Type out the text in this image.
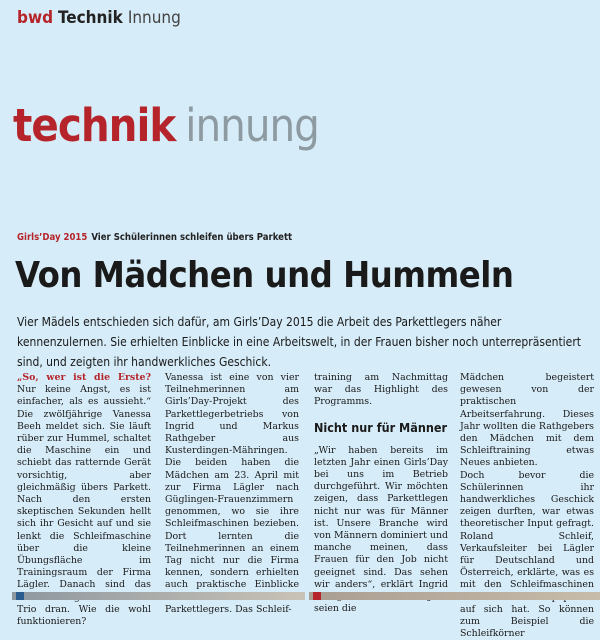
bwd Technik Innung
technik innung
Girls’Day 2015 Vier Schülerinnen schleifen übers Parkett
Von Mädchen und Hummeln
Vier Mädels entschieden sich dafür, am Girls’Day 2015 die Arbeit des Parkettlegers näher kennenzulernen. Sie erhielten Einblicke in eine Arbeitswelt, in der Frauen bisher noch unterrepräsentiert sind, und zeigten ihr handwerkliches Geschick.

„So, wer ist die Erste? Nur keine Angst, es ist einfacher, als es aussieht.“ Die zwölfjährige Vanessa Beeh meldet sich. Sie läuft rüber zur Hummel, schaltet die Maschine ein und schiebt das ratternde Gerät vorsichtig, aber gleichmäßig übers Parkett. Nach den ersten skeptischen Sekunden hellt sich ihr Gesicht auf und sie lenkt die Schleifmaschine über die kleine Übungsfläche im Trainingsraum der Firma Lägler. Danach sind das Trio dran. Wie die wohl funktionieren?

Vanessa ist eine von vier Teilnehmerinnen am Girls’Day-Projekt des Parkettlegerbetriebs von Ingrid und Markus Rathgeber aus Kusterdingen-Mähringen.

Die beiden haben die Mädchen am 23. April mit zur Firma Lägler nach Güglingen-Frauenzimmern genommen, wo sie ihre Schleifmaschinen bezieben. Dort lernten die Teilnehmerinnen an einem Tag nicht nur die Firma kennen, sondern erhielten auch praktische Einblicke Parkettlegers. Das Schleif-

training am Nachmittag war das Highlight des Programms.

Nicht nur für Männer

„Wir haben bereits im letzten Jahr einen Girls’Day bei uns im Betrieb durchgeführt. Wir möchten zeigen, dass Parkettlegen nicht nur was für Männer ist. Unsere Branche wird von Männern dominiert und manche meinen, dass Frauen für den Job nicht geeignet sind. Das sehen wir anders“, erklärt Ingrid seien die

Mädchen begeistert gewesen von der praktischen Arbeitserfahrung. Dieses Jahr wollten die Rathgebers den Mädchen mit dem Schleiftraining etwas Neues anbieten.

Doch bevor die Schülerinnen ihr handwerkliches Geschick zeigen durften, war etwas theoretischer Input gefragt. Roland Schleif, Verkaufsleiter bei Lägler für Deutschland und Österreich, erklärte, was es mit den Schleifmaschinen auf sich hat. So können zum Beispiel die Schleifkörner
